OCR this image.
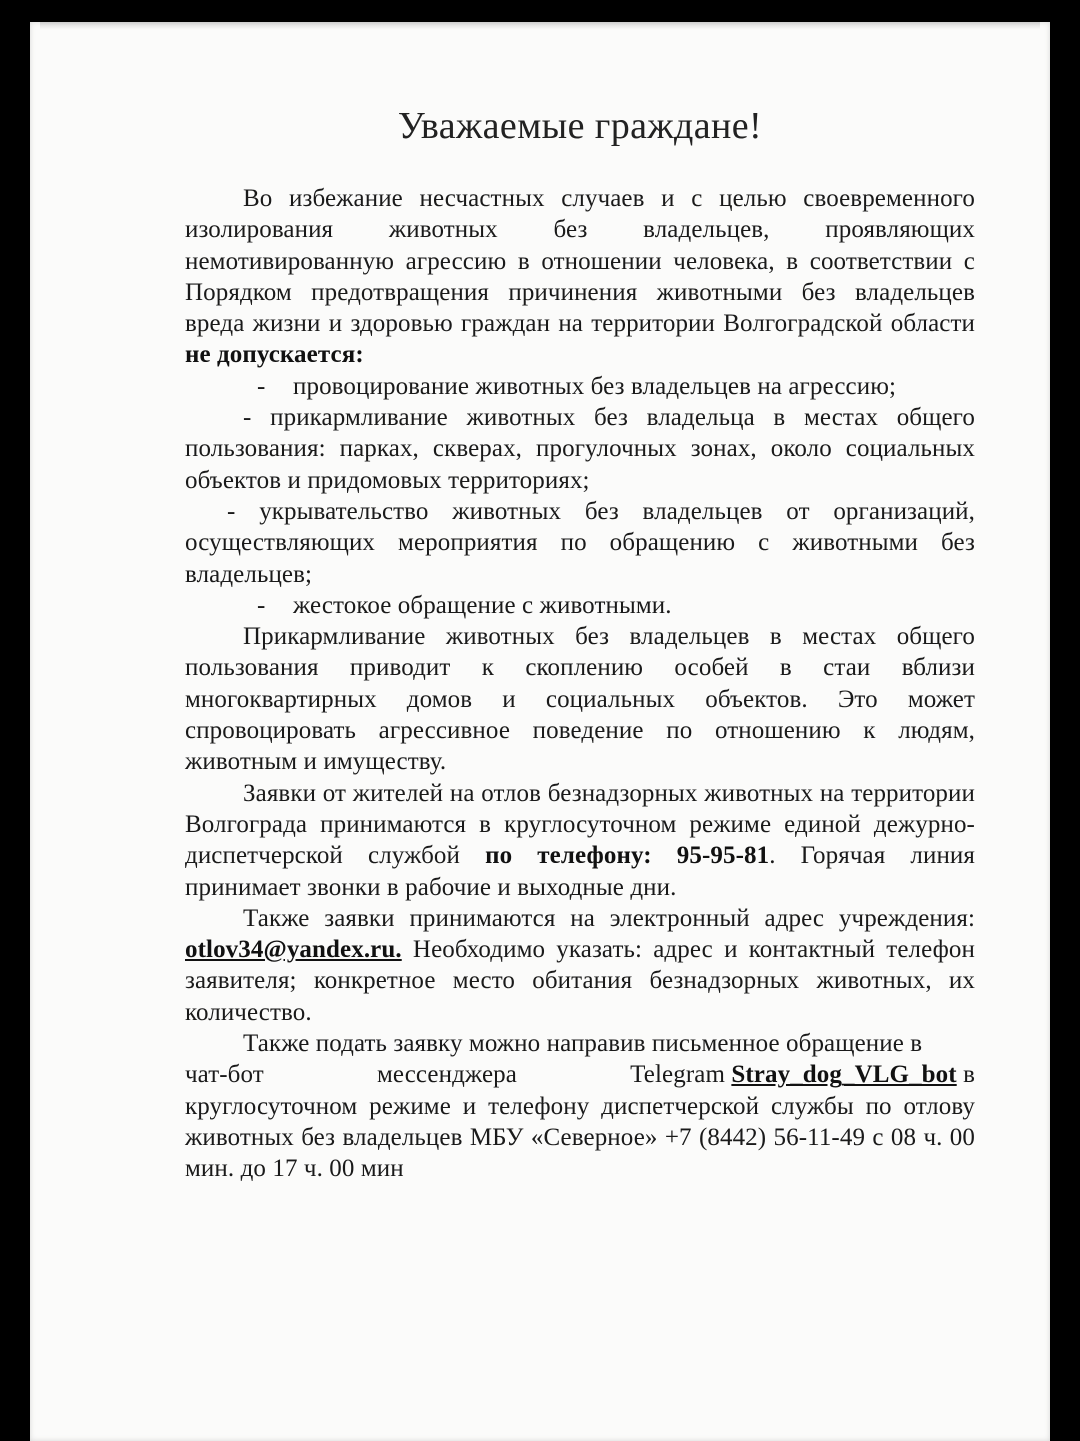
Уважаемые граждане!

Во избежание несчастных случаев и с целью своевременного изолирования животных без владельцев, проявляющих немотивированную агрессию в отношении человека, в соответствии с Порядком предотвращения причинения животными без владельцев вреда жизни и здоровью граждан на территории Волгоградской области не допускается:

- провоцирование животных без владельцев на агрессию;

- прикармливание животных без владельца в местах общего пользования: парках, скверах, прогулочных зонах, около социальных объектов и придомовых территориях;

- укрывательство животных без владельцев от организаций, осуществляющих мероприятия по обращению с животными без владельцев;

- жестокое обращение с животными.

Прикармливание животных без владельцев в местах общего пользования приводит к скоплению особей в стаи вблизи многоквартирных домов и социальных объектов. Это может спровоцировать агрессивное поведение по отношению к людям, животным и имуществу.

Заявки от жителей на отлов безнадзорных животных на территории Волгограда принимаются в круглосуточном режиме единой дежурно-диспетчерской службой по телефону: 95-95-81. Горячая линия принимает звонки в рабочие и выходные дни.

Также заявки принимаются на электронный адрес учреждения: otlov34@yandex.ru. Необходимо указать: адрес и контактный телефон заявителя; конкретное место обитания безнадзорных животных, их количество.

Также подать заявку можно направив письменное обращение в

чат-бот	мессенджера	Telegram Stray_dog_VLG_bot в

круглосуточном режиме и телефону диспетчерской службы по отлову животных без владельцев МБУ «Северное» +7 (8442) 56-11-49 с 08 ч. 00 мин. до 17 ч. 00 мин
